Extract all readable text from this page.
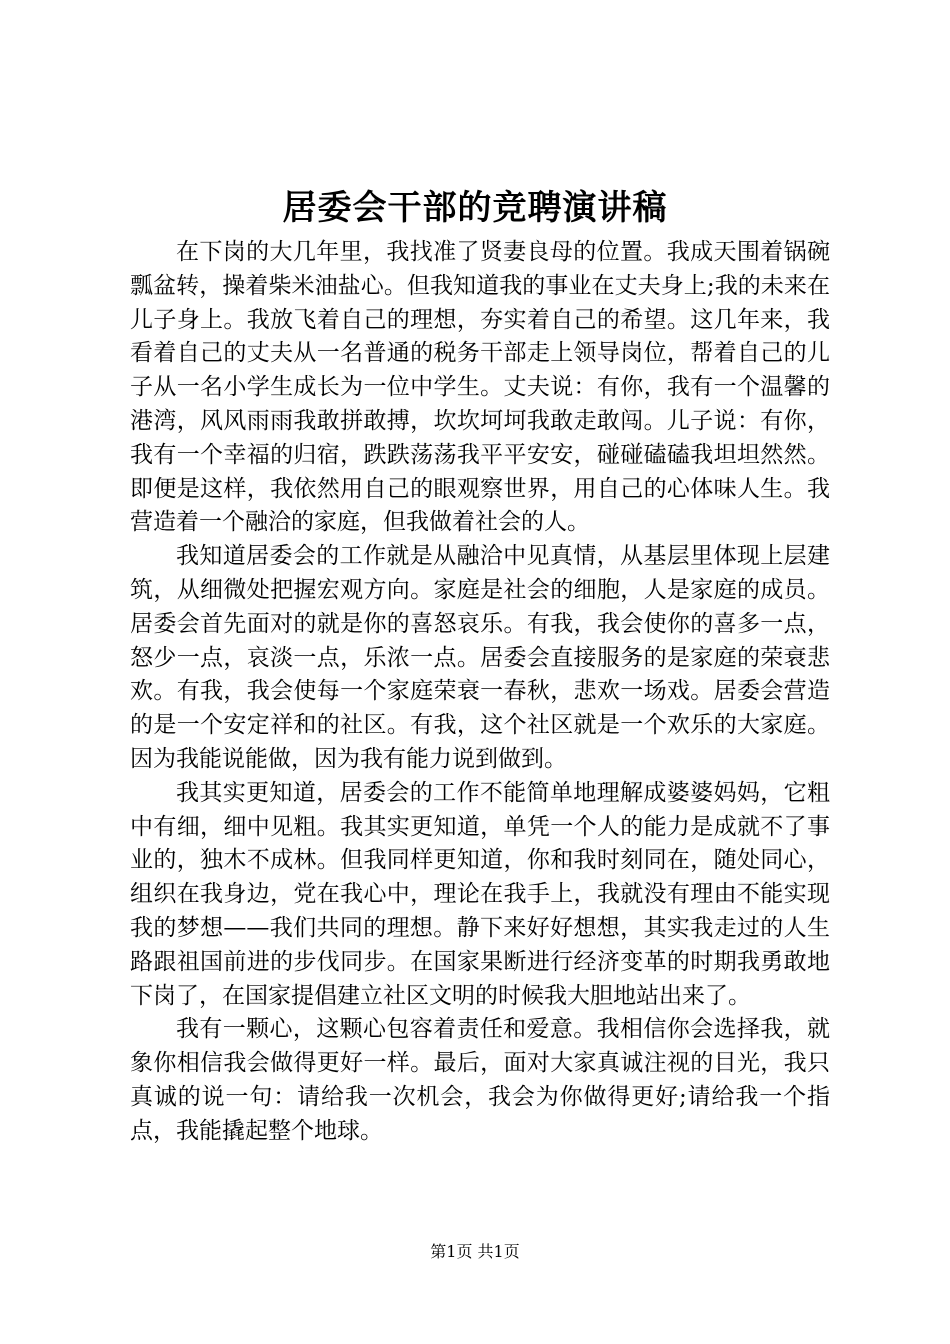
居委会干部的竞聘演讲稿

在下岗的大几年里，我找准了贤妻良母的位置。我成天围着锅碗瓢盆转，操着柴米油盐心。但我知道我的事业在丈夫身上;我的未来在儿子身上。我放飞着自己的理想，夯实着自己的希望。这几年来，我看着自己的丈夫从一名普通的税务干部走上领导岗位，帮着自己的儿子从一名小学生成长为一位中学生。丈夫说：有你，我有一个温馨的港湾，风风雨雨我敢拼敢搏，坎坎坷坷我敢走敢闯。儿子说：有你，我有一个幸福的归宿，跌跌荡荡我平平安安，碰碰磕磕我坦坦然然。即便是这样，我依然用自己的眼观察世界，用自己的心体味人生。我营造着一个融洽的家庭，但我做着社会的人。

我知道居委会的工作就是从融洽中见真情，从基层里体现上层建筑，从细微处把握宏观方向。家庭是社会的细胞，人是家庭的成员。居委会首先面对的就是你的喜怒哀乐。有我，我会使你的喜多一点，怒少一点，哀淡一点，乐浓一点。居委会直接服务的是家庭的荣衰悲欢。有我，我会使每一个家庭荣衰一春秋，悲欢一场戏。居委会营造的是一个安定祥和的社区。有我，这个社区就是一个欢乐的大家庭。因为我能说能做，因为我有能力说到做到。

我其实更知道，居委会的工作不能简单地理解成婆婆妈妈，它粗中有细，细中见粗。我其实更知道，单凭一个人的能力是成就不了事业的，独木不成林。但我同样更知道，你和我时刻同在，随处同心，组织在我身边，党在我心中，理论在我手上，我就没有理由不能实现我的梦想——我们共同的理想。静下来好好想想，其实我走过的人生路跟祖国前进的步伐同步。在国家果断进行经济变革的时期我勇敢地下岗了，在国家提倡建立社区文明的时候我大胆地站出来了。

我有一颗心，这颗心包容着责任和爱意。我相信你会选择我，就象你相信我会做得更好一样。最后，面对大家真诚注视的目光，我只真诚的说一句：请给我一次机会，我会为你做得更好;请给我一个指点，我能撬起整个地球。

第1页 共1页
